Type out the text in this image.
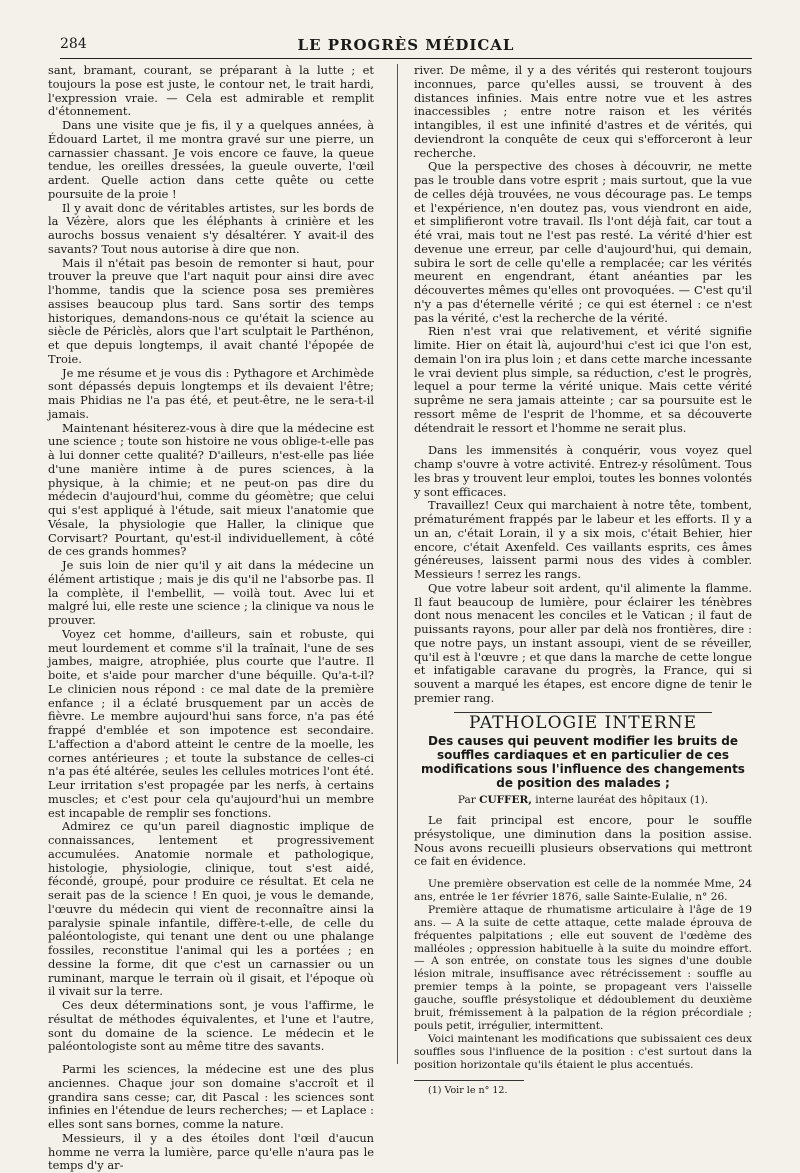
284	LE PROGRÈS MÉDICAL

sant, bramant, courant, se préparant à la lutte ; et toujours la pose est juste, le contour net, le trait hardi, l'expression vraie. — Cela est admirable et remplit d'étonnement.

Dans une visite que je fis, il y a quelques années, à Édouard Lartet, il me montra gravé sur une pierre, un carnassier chassant. Je vois encore ce fauve, la queue tendue, les oreilles dressées, la gueule ouverte, l'œil ardent. Quelle action dans cette quête ou cette poursuite de la proie !

Il y avait donc de véritables artistes, sur les bords de la Vézère, alors que les éléphants à crinière et les aurochs bossus venaient s'y désaltérer. Y avait-il des savants? Tout nous autorise à dire que non.

Mais il n'était pas besoin de remonter si haut, pour trouver la preuve que l'art naquit pour ainsi dire avec l'homme, tandis que la science posa ses premières assises beaucoup plus tard. Sans sortir des temps historiques, demandons-nous ce qu'était la science au siècle de Périclès, alors que l'art sculptait le Parthénon, et que depuis longtemps, il avait chanté l'épopée de Troie.

Je me résume et je vous dis : Pythagore et Archimède sont dépassés depuis longtemps et ils devaient l'être; mais Phidias ne l'a pas été, et peut-être, ne le sera-t-il jamais.

Maintenant hésiterez-vous à dire que la médecine est une science ; toute son histoire ne vous oblige-t-elle pas à lui donner cette qualité? D'ailleurs, n'est-elle pas liée d'une manière intime à de pures sciences, à la physique, à la chimie; et ne peut-on pas dire du médecin d'aujourd'hui, comme du géomètre; que celui qui s'est appliqué à l'étude, sait mieux l'anatomie que Vésale, la physiologie que Haller, la clinique que Corvisart? Pourtant, qu'est-il individuellement, à côté de ces grands hommes?

Je suis loin de nier qu'il y ait dans la médecine un élément artistique ; mais je dis qu'il ne l'absorbe pas. Il la complète, il l'embellit, — voilà tout. Avec lui et malgré lui, elle reste une science ; la clinique va nous le prouver.

Voyez cet homme, d'ailleurs, sain et robuste, qui meut lourdement et comme s'il la traînait, l'une de ses jambes, maigre, atrophiée, plus courte que l'autre. Il boite, et s'aide pour marcher d'une béquille. Qu'a-t-il? Le clinicien nous répond : ce mal date de la première enfance ; il a éclaté brusquement par un accès de fièvre. Le membre aujourd'hui sans force, n'a pas été frappé d'emblée et son impotence est secondaire. L'affection a d'abord atteint le centre de la moelle, les cornes antérieures ; et toute la substance de celles-ci n'a pas été altérée, seules les cellules motrices l'ont été. Leur irritation s'est propagée par les nerfs, à certains muscles; et c'est pour cela qu'aujourd'hui un membre est incapable de remplir ses fonctions.

Admirez ce qu'un pareil diagnostic implique de connaissances, lentement et progressivement accumulées. Anatomie normale et pathologique, histologie, physiologie, clinique, tout s'est aidé, fécondé, groupé, pour produire ce résultat. Et cela ne serait pas de la science ! En quoi, je vous le demande, l'œuvre du médecin qui vient de reconnaître ainsi la paralysie spinale infantile, diffère-t-elle, de celle du paléontologiste, qui tenant une dent ou une phalange fossiles, reconstitue l'animal qui les a portées ; en dessine la forme, dit que c'est un carnassier ou un ruminant, marque le terrain où il gisait, et l'époque où il vivait sur la terre.

Ces deux déterminations sont, je vous l'affirme, le résultat de méthodes équivalentes, et l'une et l'autre, sont du domaine de la science. Le médecin et le paléontologiste sont au même titre des savants.

Parmi les sciences, la médecine est une des plus anciennes. Chaque jour son domaine s'accroît et il grandira sans cesse; car, dit Pascal : les sciences sont infinies en l'étendue de leurs recherches; — et Laplace : elles sont sans bornes, comme la nature.

Messieurs, il y a des étoiles dont l'œil d'aucun homme ne verra la lumière, parce qu'elle n'aura pas le temps d'y ar-

river. De même, il y a des vérités qui resteront toujours inconnues, parce qu'elles aussi, se trouvent à des distances infinies. Mais entre notre vue et les astres inaccessibles ; entre notre raison et les vérités intangibles, il est une infinité d'astres et de vérités, qui deviendront la conquête de ceux qui s'efforceront à leur recherche.

Que la perspective des choses à découvrir, ne mette pas le trouble dans votre esprit ; mais surtout, que la vue de celles déjà trouvées, ne vous décourage pas. Le temps et l'expérience, n'en doutez pas, vous viendront en aide, et simplifieront votre travail. Ils l'ont déjà fait, car tout a été vrai, mais tout ne l'est pas resté. La vérité d'hier est devenue une erreur, par celle d'aujourd'hui, qui demain, subira le sort de celle qu'elle a remplacée; car les vérités meurent en engendrant, étant anéanties par les découvertes mêmes qu'elles ont provoquées. — C'est qu'il n'y a pas d'éternelle vérité ; ce qui est éternel : ce n'est pas la vérité, c'est la recherche de la vérité.

Rien n'est vrai que relativement, et vérité signifie limite. Hier on était là, aujourd'hui c'est ici que l'on est, demain l'on ira plus loin ; et dans cette marche incessante le vrai devient plus simple, sa réduction, c'est le progrès, lequel a pour terme la vérité unique. Mais cette vérité suprême ne sera jamais atteinte ; car sa poursuite est le ressort même de l'esprit de l'homme, et sa découverte détendrait le ressort et l'homme ne serait plus.

Dans les immensités à conquérir, vous voyez quel champ s'ouvre à votre activité. Entrez-y résolûment. Tous les bras y trouvent leur emploi, toutes les bonnes volontés y sont efficaces.

Travaillez! Ceux qui marchaient à notre tête, tombent, prématurément frappés par le labeur et les efforts. Il y a un an, c'était Lorain, il y a six mois, c'était Behier, hier encore, c'était Axenfeld. Ces vaillants esprits, ces âmes généreuses, laissent parmi nous des vides à combler. Messieurs ! serrez les rangs.

Que votre labeur soit ardent, qu'il alimente la flamme. Il faut beaucoup de lumière, pour éclairer les ténèbres dont nous menacent les conciles et le Vatican ; il faut de puissants rayons, pour aller par delà nos frontières, dire : que notre pays, un instant assoupi, vient de se réveiller, qu'il est à l'œuvre ; et que dans la marche de cette longue et infatigable caravane du progrès, la France, qui si souvent a marqué les étapes, est encore digne de tenir le premier rang.

PATHOLOGIE INTERNE
Des causes qui peuvent modifier les bruits de souffles cardiaques et en particulier de ces modifications sous l'influence des changements de position des malades ;
Par CUFFER, interne lauréat des hôpitaux (1).

Le fait principal est encore, pour le souffle présystolique, une diminution dans la position assise. Nous avons recueilli plusieurs observations qui mettront ce fait en évidence.

Une première observation est celle de la nommée Mme, 24 ans, entrée le 1er février 1876, salle Sainte-Eulalie, n° 26.

Première attaque de rhumatisme articulaire à l'âge de 19 ans. — A la suite de cette attaque, cette malade éprouva de fréquentes palpitations ; elle eut souvent de l'œdème des malléoles ; oppression habituelle à la suite du moindre effort. — A son entrée, on constate tous les signes d'une double lésion mitrale, insuffisance avec rétrécissement : souffle au premier temps à la pointe, se propageant vers l'aisselle gauche, souffle présystolique et dédoublement du deuxième bruit, frémissement à la palpation de la région précordiale ; pouls petit, irrégulier, intermittent.

Voici maintenant les modifications que subissaient ces deux souffles sous l'influence de la position : c'est surtout dans la position horizontale qu'ils étaient le plus accentués.

(1) Voir le n° 12.
